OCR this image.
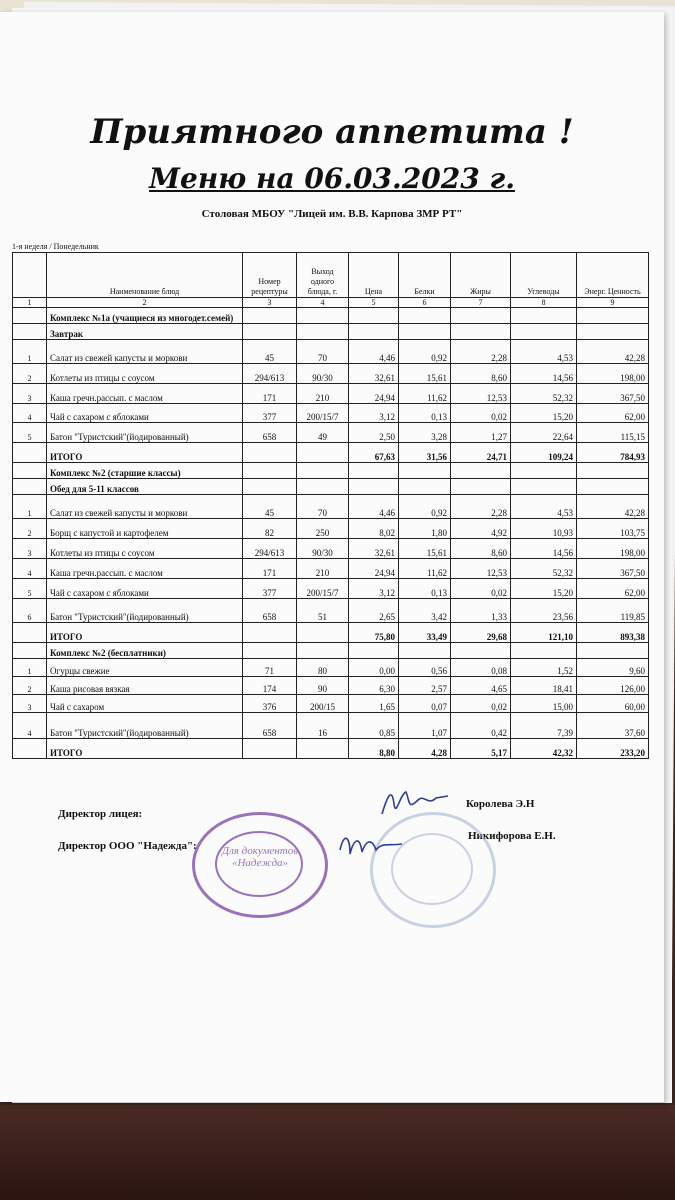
Приятного аппетита !
Меню на 06.03.2023 г.
Столовая МБОУ "Лицей им. В.В. Карпова ЗМР РТ"
1-я неделя / Понедельник
	Наименование блюд	Номер рецептуры	Выход одного блюда, г.	Цена	Белки	Жиры	Углеводы	Энерг. Ценность
1	2	3	4	5	6	7	8	9
	Комплекс №1а (учащиеся из многодет.семей)							
	Завтрак							
1	Салат из свежей капусты и моркови	45	70	4,46	0,92	2,28	4,53	42,28
2	Котлеты из птицы с соусом	294/613	90/30	32,61	15,61	8,60	14,56	198,00
3	Каша гречн.рассып. с маслом	171	210	24,94	11,62	12,53	52,32	367,50
4	Чай с сахаром с яблоками	377	200/15/7	3,12	0,13	0,02	15,20	62,00
5	Батон "Туристский"(йодированный)	658	49	2,50	3,28	1,27	22,64	115,15
	ИТОГО			67,63	31,56	24,71	109,24	784,93
	Комплекс №2 (старшие классы)							
	Обед для 5-11 классов							
1	Салат из свежей капусты и моркови	45	70	4,46	0,92	2,28	4,53	42,28
2	Борщ с капустой и картофелем	82	250	8,02	1,80	4,92	10,93	103,75
3	Котлеты из птицы с соусом	294/613	90/30	32,61	15,61	8,60	14,56	198,00
4	Каша гречн.рассып. с маслом	171	210	24,94	11,62	12,53	52,32	367,50
5	Чай с сахаром с яблоками	377	200/15/7	3,12	0,13	0,02	15,20	62,00
6	Батон "Туристский"(йодированный)	658	51	2,65	3,42	1,33	23,56	119,85
	ИТОГО			75,80	33,49	29,68	121,10	893,38
	Комплекс №2 (бесплатники)							
1	Огурцы свежие	71	80	0,00	0,56	0,08	1,52	9,60
2	Каша рисовая вязкая	174	90	6,30	2,57	4,65	18,41	126,00
3	Чай с сахаром	376	200/15	1,65	0,07	0,02	15,00	60,00
4	Батон "Туристский"(йодированный)	658	16	0,85	1,07	0,42	7,39	37,60
	ИТОГО			8,80	4,28	5,17	42,32	233,20
Директор лицея:
Директор ООО "Надежда":
Королева Э.Н
Никифорова Е.Н.
Для документов «Надежда»
